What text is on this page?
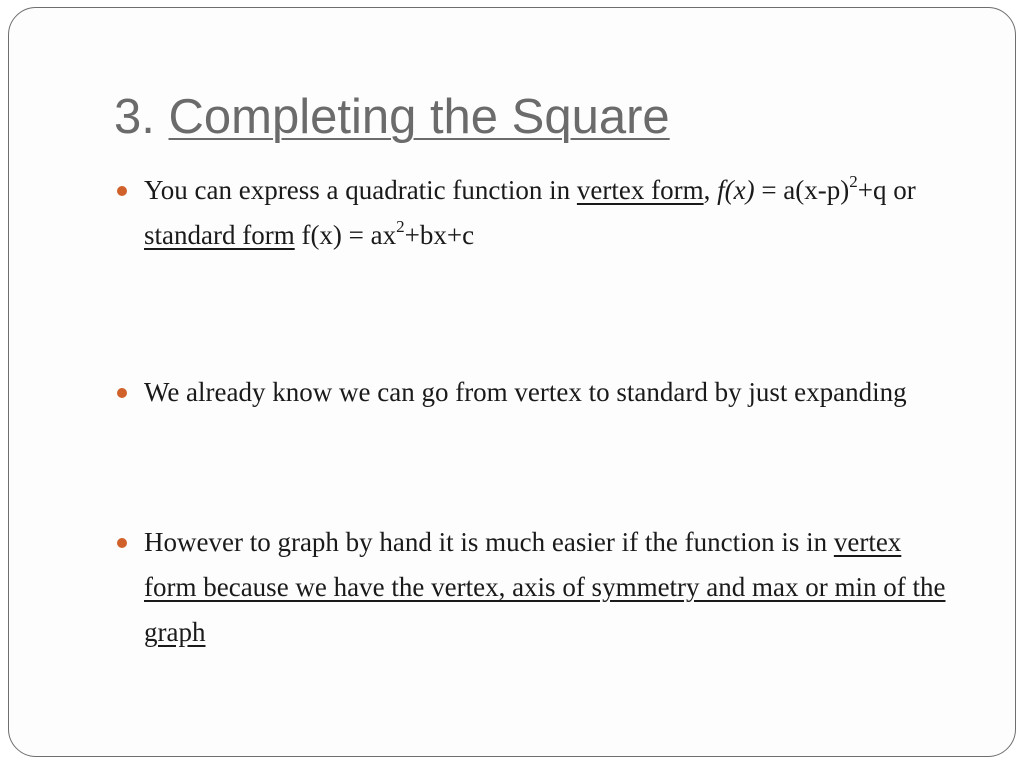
3. Completing the Square
You can express a quadratic function in vertex form, $f(x) = a(x-p)^2+q$ or standard form $f(x) = ax^2+bx+c$
We already know we can go from vertex to standard by just expanding
However to graph by hand it is much easier if the function is in vertex form because we have the vertex, axis of symmetry and max or min of the graph
